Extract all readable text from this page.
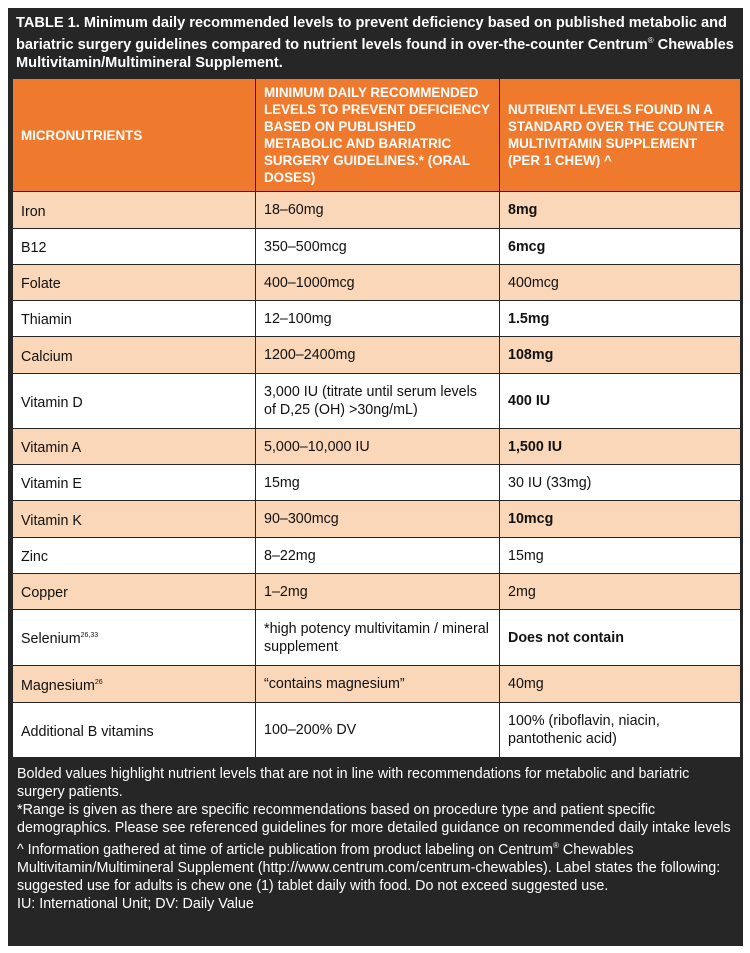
TABLE 1. Minimum daily recommended levels to prevent deficiency based on published metabolic and bariatric surgery guidelines compared to nutrient levels found in over-the-counter Centrum® Chewables Multivitamin/Multimineral Supplement.
MICRONUTRIENTS	MINIMUM DAILY RECOMMENDED LEVELS TO PREVENT DEFICIENCY BASED ON PUBLISHED METABOLIC AND BARIATRIC SURGERY GUIDELINES.* (ORAL DOSES)	NUTRIENT LEVELS FOUND IN A STANDARD OVER THE COUNTER MULTIVITAMIN SUPPLEMENT (PER 1 CHEW) ^
Iron	18–60mg	8mg
B12	350–500mcg	6mcg
Folate	400–1000mcg	400mcg
Thiamin	12–100mg	1.5mg
Calcium	1200–2400mg	108mg
Vitamin D	3,000 IU (titrate until serum levels of D,25 (OH) >30ng/mL)	400 IU
Vitamin A	5,000–10,000 IU	1,500 IU
Vitamin E	15mg	30 IU (33mg)
Vitamin K	90–300mcg	10mcg
Zinc	8–22mg	15mg
Copper	1–2mg	2mg
Selenium$^{26,33}$	*high potency multivitamin / mineral supplement	Does not contain
Magnesium$^{26}$	“contains magnesium”	40mg
Additional B vitamins	100–200% DV	100% (riboflavin, niacin, pantothenic acid)

Bolded values highlight nutrient levels that are not in line with recommendations for metabolic and bariatric surgery patients.

*Range is given as there are specific recommendations based on procedure type and patient specific demographics. Please see referenced guidelines for more detailed guidance on recommended daily intake levels

^ Information gathered at time of article publication from product labeling on Centrum® Chewables Multivitamin/Multimineral Supplement (http://www.centrum.com/centrum-chewables). Label states the following: suggested use for adults is chew one (1) tablet daily with food. Do not exceed suggested use.

IU: International Unit; DV: Daily Value
